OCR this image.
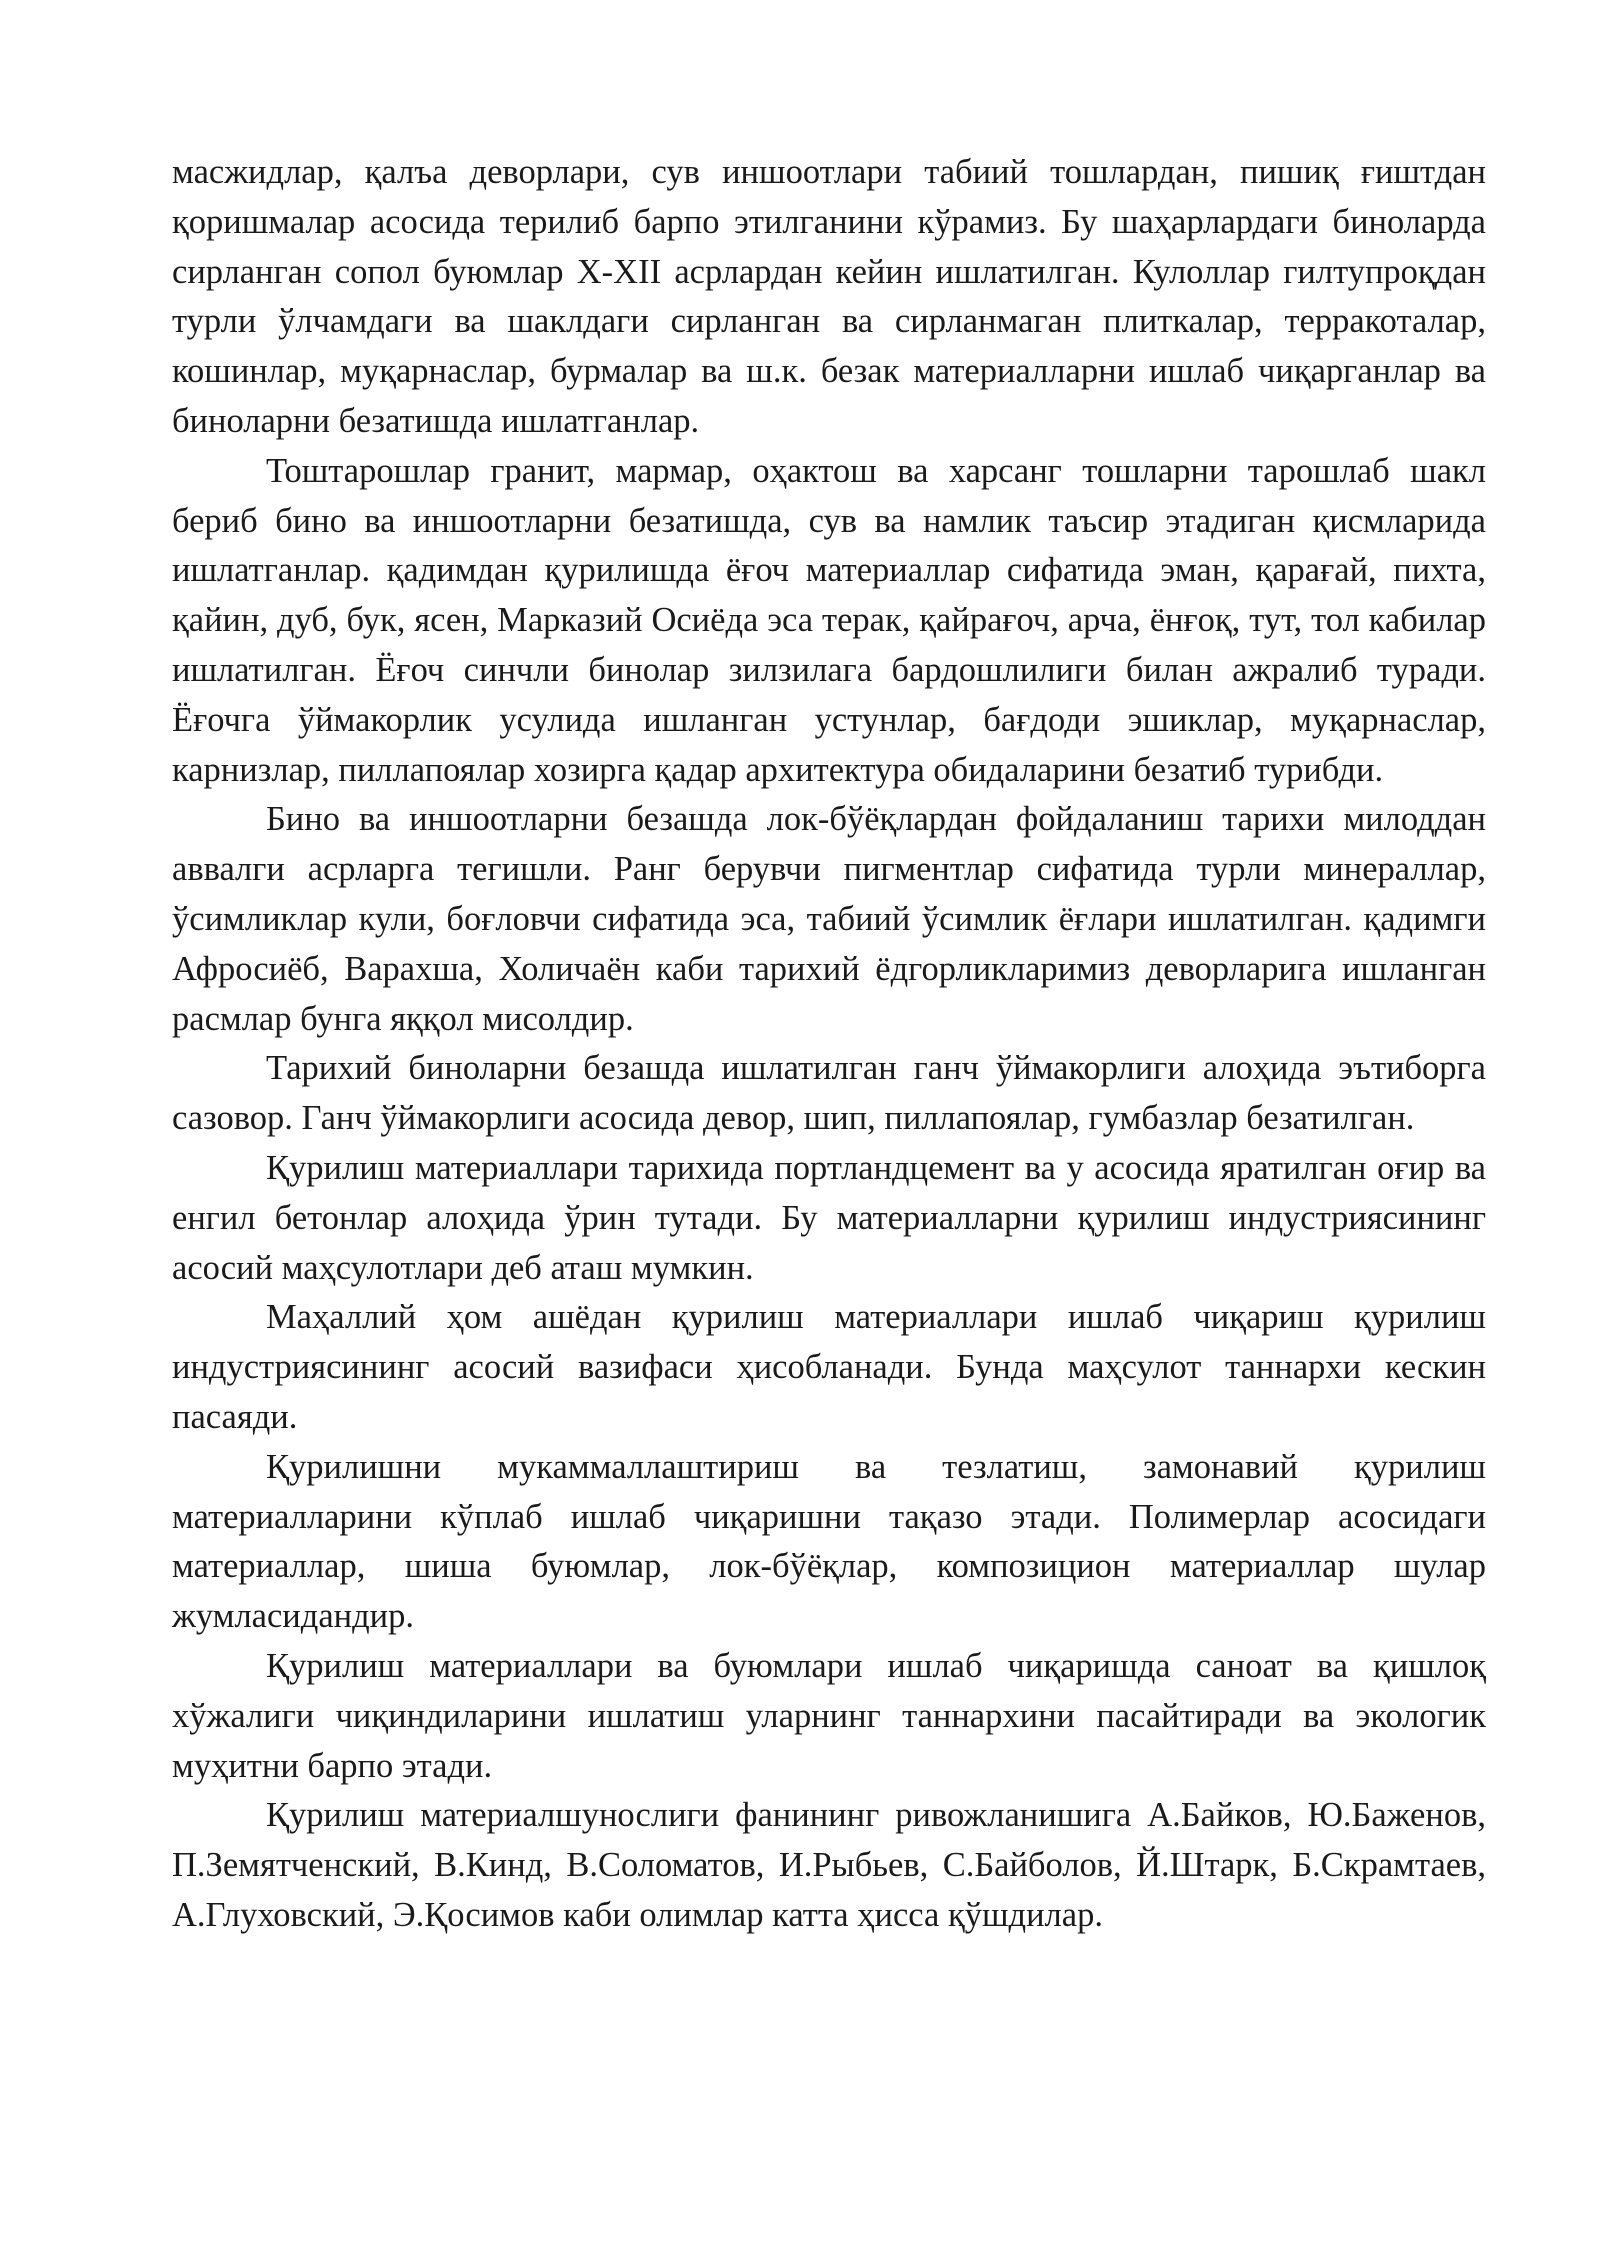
масжидлар, қалъа деворлари, сув иншоотлари табиий тошлардан, пишиқ ғиштдан қоришмалар асосида терилиб барпо этилганини кўрамиз. Бу шаҳарлардаги биноларда сирланган сопол буюмлар X-XII асрлардан кейин ишлатилган. Кулоллар гилтупроқдан турли ўлчамдаги ва шаклдаги сирланган ва сирланмаган плиткалар, терракоталар, кошинлар, муқарнаслар, бурмалар ва ш.к. безак материалларни ишлаб чиқарганлар ва биноларни безатишда ишлатганлар.

Тоштарошлар гранит, мармар, оҳактош ва харсанг тошларни тарошлаб шакл бериб бино ва иншоотларни безатишда, сув ва намлик таъсир этадиган қисмларида ишлатганлар. қадимдан қурилишда ёғоч материаллар сифатида эман, қарағай, пихта, қайин, дуб, бук, ясен, Марказий Осиёда эса терак, қайрағоч, арча, ёнғоқ, тут, тол кабилар ишлатилган. Ёғоч синчли бинолар зилзилага бардошлилиги билан ажралиб туради. Ёғочга ўймакорлик усулида ишланган устунлар, бағдоди эшиклар, муқарнаслар, карнизлар, пиллапоялар хозирга қадар архитектура обидаларини безатиб турибди.

Бино ва иншоотларни безашда лок-бўёқлардан фойдаланиш тарихи милоддан аввалги асрларга тегишли. Ранг берувчи пигментлар сифатида турли минераллар, ўсимликлар кули, боғловчи сифатида эса, табиий ўсимлик ёғлари ишлатилган. қадимги Афросиёб, Варахша, Холичаён каби тарихий ёдгорликларимиз деворларига ишланган расмлар бунга яққол мисолдир.

Тарихий биноларни безашда ишлатилган ганч ўймакорлиги алоҳида эътиборга сазовор. Ганч ўймакорлиги асосида девор, шип, пиллапоялар, гумбазлар безатилган.

Қурилиш материаллари тарихида портландцемент ва у асосида яратилган оғир ва енгил бетонлар алоҳида ўрин тутади. Бу материалларни қурилиш индустриясининг асосий маҳсулотлари деб аташ мумкин.

Маҳаллий ҳом ашёдан қурилиш материаллари ишлаб чиқариш қурилиш индустриясининг асосий вазифаси ҳисобланади. Бунда маҳсулот таннархи кескин пасаяди.

Қурилишни мукаммаллаштириш ва тезлатиш, замонавий қурилиш материалларини кўплаб ишлаб чиқаришни тақазо этади. Полимерлар асосидаги материаллар, шиша буюмлар, лок-бўёқлар, композицион материаллар шулар жумласидандир.

Қурилиш материаллари ва буюмлари ишлаб чиқаришда саноат ва қишлоқ хўжалиги чиқиндиларини ишлатиш уларнинг таннархини пасайтиради ва экологик муҳитни барпо этади.

Қурилиш материалшунослиги фанининг ривожланишига А.Байков, Ю.Баженов, П.Земятченский, В.Кинд, В.Соломатов, И.Рыбьев, С.Байболов, Й.Штарк, Б.Скрамтаев, А.Глуховский, Э.Қосимов каби олимлар катта ҳисса қўшдилар.
